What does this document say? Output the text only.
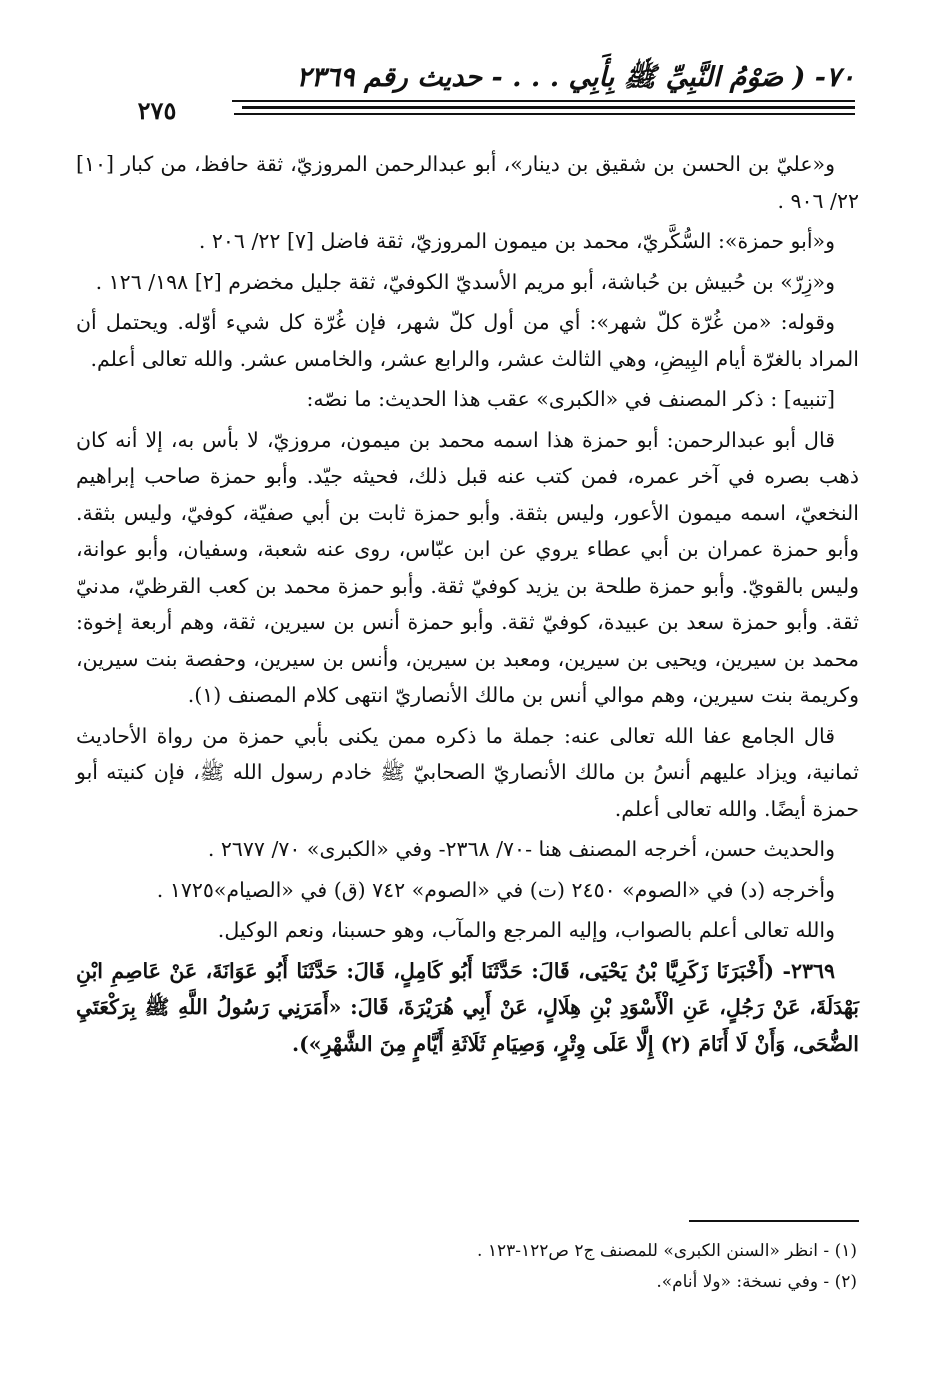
٧٠- ( صَوْمُ النَّبِيِّ ﷺ بِأَبِي . . . - حديث رقم ٢٣٦٩
٢٧٥

و«عليّ بن الحسن بن شقيق بن دينار»، أبو عبدالرحمن المروزيّ، ثقة حافظ، من كبار [١٠] ٢٢/ ٩٠٦ .

و«أبو حمزة»: السُّكَّريّ، محمد بن ميمون المروزيّ، ثقة فاضل [٧] ٢٢/ ٢٠٦ .

و«زِرّ» بن حُبيش بن حُباشة، أبو مريم الأسديّ الكوفيّ، ثقة جليل مخضرم [٢] ١٩٨/ ١٢٦ .

وقوله: «من غُرّة كلّ شهر»: أي من أول كلّ شهر، فإن غُرّة كل شيء أوّله. ويحتمل أن المراد بالغرّة أيام البِيضِ، وهي الثالث عشر، والرابع عشر، والخامس عشر. والله تعالى أعلم.

[تنبيه] : ذكر المصنف في «الكبرى» عقب هذا الحديث: ما نصّه:

قال أبو عبدالرحمن: أبو حمزة هذا اسمه محمد بن ميمون، مروزيّ، لا بأس به، إلا أنه كان ذهب بصره في آخر عمره، فمن كتب عنه قبل ذلك، فحيثه جيّد. وأبو حمزة صاحب إبراهيم النخعيّ، اسمه ميمون الأعور، وليس بثقة. وأبو حمزة ثابت بن أبي صفيّة، كوفيّ، وليس بثقة. وأبو حمزة عمران بن أبي عطاء يروي عن ابن عبّاس، روى عنه شعبة، وسفيان، وأبو عوانة، وليس بالقويّ. وأبو حمزة طلحة بن يزيد كوفيّ ثقة. وأبو حمزة محمد بن كعب القرظيّ، مدنيّ ثقة. وأبو حمزة سعد بن عبيدة، كوفيّ ثقة. وأبو حمزة أنس بن سيرين، ثقة، وهم أربعة إخوة: محمد بن سيرين، ويحيى بن سيرين، ومعبد بن سيرين، وأنس بن سيرين، وحفصة بنت سيرين، وكريمة بنت سيرين، وهم موالي أنس بن مالك الأنصاريّ انتهى كلام المصنف (١).

قال الجامع عفا الله تعالى عنه: جملة ما ذكره ممن يكنى بأبي حمزة من رواة الأحاديث ثمانية، ويزاد عليهم أنسُ بن مالك الأنصاريّ الصحابيّ ﷺ خادم رسول الله ﷺ، فإن كنيته أبو حمزة أيضًا. والله تعالى أعلم.

والحديث حسن، أخرجه المصنف هنا -٧٠/ ٢٣٦٨- وفي «الكبرى» ٧٠/ ٢٦٧٧ .

وأخرجه (د) في «الصوم» ٢٤٥٠ (ت) في «الصوم» ٧٤٢ (ق) في «الصيام»١٧٢٥ .

والله تعالى أعلم بالصواب، وإليه المرجع والمآب، وهو حسبنا، ونعم الوكيل.

٢٣٦٩- (أَخْبَرَنَا زَكَرِيَّا بْنُ يَحْيَى، قَالَ: حَدَّثَنَا أَبُو كَامِلٍ، قَالَ: حَدَّثَنَا أَبُو عَوَانَةَ، عَنْ عَاصِمِ ابْنِ بَهْدَلَةَ، عَنْ رَجُلٍ، عَنِ الْأَسْوَدِ بْنِ هِلَالٍ، عَنْ أَبِي هُرَيْرَةَ، قَالَ: «أَمَرَنِي رَسُولُ اللَّهِ ﷺ بِرَكْعَتَيِ الضُّحَى، وَأَنْ لَا أَنَامَ (٢) إِلَّا عَلَى وِتْرٍ، وَصِيَامِ ثَلَاثَةِ أَيَّامٍ مِنَ الشَّهْرِ»).

(١) - انظر «السنن الكبرى» للمصنف ج٢ ص١٢٢-١٢٣ .

(٢) - وفي نسخة: «ولا أنام».
